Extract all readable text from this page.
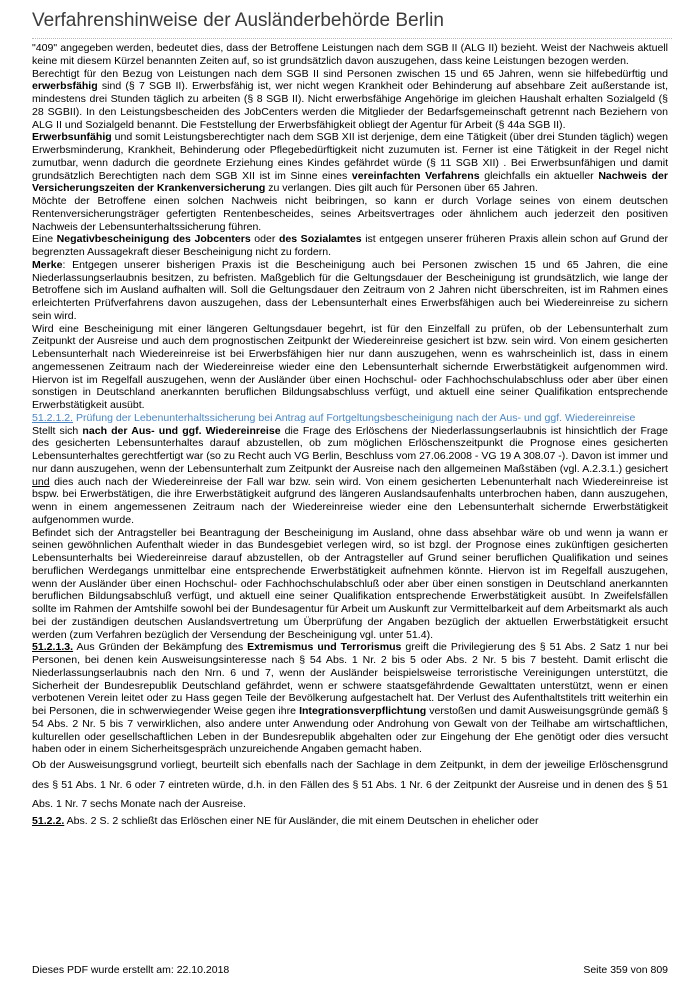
Verfahrenshinweise der Ausländerbehörde Berlin

"409" angegeben werden, bedeutet dies, dass der Betroffene Leistungen nach dem SGB II (ALG II) bezieht. Weist der Nachweis aktuell keine mit diesem Kürzel benannten Zeiten auf, so ist grundsätzlich davon auszugehen, dass keine Leistungen bezogen werden.

Berechtigt für den Bezug von Leistungen nach dem SGB II sind Personen zwischen 15 und 65 Jahren, wenn sie hilfebedürftig und erwerbsfähig sind (§ 7 SGB II). Erwerbsfähig ist, wer nicht wegen Krankheit oder Behinderung auf absehbare Zeit außerstande ist, mindestens drei Stunden täglich zu arbeiten (§ 8 SGB II). Nicht erwerbsfähige Angehörige im gleichen Haushalt erhalten Sozialgeld (§ 28 SGBII). In den Leistungsbescheiden des JobCenters werden die Mitglieder der Bedarfsgemeinschaft getrennt nach Beziehern von ALG II und Sozialgeld benannt. Die Feststellung der Erwerbsfähigkeit obliegt der Agentur für Arbeit (§ 44a SGB II).

Erwerbsunfähig und somit Leistungsberechtigter nach dem SGB XII ist derjenige, dem eine Tätigkeit (über drei Stunden täglich) wegen Erwerbsminderung, Krankheit, Behinderung oder Pflegebedürftigkeit nicht zuzumuten ist. Ferner ist eine Tätigkeit in der Regel nicht zumutbar, wenn dadurch die geordnete Erziehung eines Kindes gefährdet würde (§ 11 SGB XII) . Bei Erwerbsunfähigen und damit grundsätzlich Berechtigten nach dem SGB XII ist im Sinne eines vereinfachten Verfahrens gleichfalls ein aktueller Nachweis der Versicherungszeiten der Krankenversicherung zu verlangen. Dies gilt auch für Personen über 65 Jahren.

Möchte der Betroffene einen solchen Nachweis nicht beibringen, so kann er durch Vorlage seines von einem deutschen Rentenversicherungsträger gefertigten Rentenbescheides, seines Arbeitsvertrages oder ähnlichem auch jederzeit den positiven Nachweis der Lebensunterhaltssicherung führen.

Eine Negativbescheinigung des Jobcenters oder des Sozialamtes ist entgegen unserer früheren Praxis allein schon auf Grund der begrenzten Aussagekraft dieser Bescheinigung nicht zu fordern.

Merke: Entgegen unserer bisherigen Praxis ist die Bescheinigung auch bei Personen zwischen 15 und 65 Jahren, die eine Niederlassungserlaubnis besitzen, zu befristen. Maßgeblich für die Geltungsdauer der Bescheinigung ist grundsätzlich, wie lange der Betroffene sich im Ausland aufhalten will. Soll die Geltungsdauer den Zeitraum von 2 Jahren nicht überschreiten, ist im Rahmen eines erleichterten Prüfverfahrens davon auszugehen, dass der Lebensunterhalt eines Erwerbsfähigen auch bei Wiedereinreise zu sichern sein wird.

Wird eine Bescheinigung mit einer längeren Geltungsdauer begehrt, ist für den Einzelfall zu prüfen, ob der Lebensunterhalt zum Zeitpunkt der Ausreise und auch dem prognostischen Zeitpunkt der Wiedereinreise gesichert ist bzw. sein wird. Von einem gesicherten Lebensunterhalt nach Wiedereinreise ist bei Erwerbsfähigen hier nur dann auszugehen, wenn es wahrscheinlich ist, dass in einem angemessenen Zeitraum nach der Wiedereinreise wieder eine den Lebensunterhalt sichernde Erwerbstätigkeit aufgenommen wird. Hiervon ist im Regelfall auszugehen, wenn der Ausländer über einen Hochschul- oder Fachhochschulabschluss oder aber über einen sonstigen in Deutschland anerkannten beruflichen Bildungsabschluss verfügt, und aktuell eine seiner Qualifikation entsprechende Erwerbstätigkeit ausübt.

51.2.1.2. Prüfung der Lebenunterhaltssicherung bei Antrag auf Fortgeltungsbescheinigung nach der Aus- und ggf. Wiedereinreise

Stellt sich nach der Aus- und ggf. Wiedereinreise die Frage des Erlöschens der Niederlassungserlaubnis ist hinsichtlich der Frage des gesicherten Lebensunterhaltes darauf abzustellen, ob zum möglichen Erlöschenszeitpunkt die Prognose eines gesicherten Lebensunterhaltes gerechtfertigt war (so zu Recht auch VG Berlin, Beschluss vom 27.06.2008 - VG 19 A 308.07 -). Davon ist immer und nur dann auszugehen, wenn der Lebensunterhalt zum Zeitpunkt der Ausreise nach den allgemeinen Maßstäben (vgl. A.2.3.1.) gesichert und dies auch nach der Wiedereinreise der Fall war bzw. sein wird. Von einem gesicherten Lebenunterhalt nach Wiedereinreise ist bspw. bei Erwerbstätigen, die ihre Erwerbstätigkeit aufgrund des längeren Auslandsaufenhalts unterbrochen haben, dann auszugehen, wenn in einem angemessenen Zeitraum nach der Wiedereinreise wieder eine den Lebensunterhalt sichernde Erwerbstätigkeit aufgenommen wurde.

Befindet sich der Antragsteller bei Beantragung der Bescheinigung im Ausland, ohne dass absehbar wäre ob und wenn ja wann er seinen gewöhnlichen Aufenthalt wieder in das Bundesgebiet verlegen wird, so ist bzgl. der Prognose eines zukünftigen gesicherten Lebensunterhalts bei Wiedereinreise darauf abzustellen, ob der Antragsteller auf Grund seiner beruflichen Qualifikation und seines beruflichen Werdegangs unmittelbar eine entsprechende Erwerbstätigkeit aufnehmen könnte. Hiervon ist im Regelfall auszugehen, wenn der Ausländer über einen Hochschul- oder Fachhochschulabschluß oder aber über einen sonstigen in Deutschland anerkannten beruflichen Bildungsabschluß verfügt, und aktuell eine seiner Qualifikation entsprechende Erwerbstätigkeit ausübt. In Zweifelsfällen sollte im Rahmen der Amtshilfe sowohl bei der Bundesagentur für Arbeit um Auskunft zur Vermittelbarkeit auf dem Arbeitsmarkt als auch bei der zuständigen deutschen Auslandsvertretung um Überprüfung der Angaben bezüglich der aktuellen Erwerbstätigkeit ersucht werden (zum Verfahren bezüglich der Versendung der Bescheinigung vgl. unter 51.4).

51.2.1.3. Aus Gründen der Bekämpfung des Extremismus und Terrorismus greift die Privilegierung des § 51 Abs. 2 Satz 1 nur bei Personen, bei denen kein Ausweisungsinteresse nach § 54 Abs. 1 Nr. 2 bis 5 oder Abs. 2 Nr. 5 bis 7 besteht. Damit erlischt die Niederlassungserlaubnis nach den Nrn. 6 und 7, wenn der Ausländer beispielsweise terroristische Vereinigungen unterstützt, die Sicherheit der Bundesrepublik Deutschland gefährdet, wenn er schwere staatsgefährdende Gewalttaten unterstützt, wenn er einen verbotenen Verein leitet oder zu Hass gegen Teile der Bevölkerung aufgestachelt hat. Der Verlust des Aufenthaltstitels tritt weiterhin ein bei Personen, die in schwerwiegender Weise gegen ihre Integrationsverpflichtung verstoßen und damit Ausweisungsgründe gemäß § 54 Abs. 2 Nr. 5 bis 7 verwirklichen, also andere unter Anwendung oder Androhung von Gewalt von der Teilhabe am wirtschaftlichen, kulturellen oder gesellschaftlichen Leben in der Bundesrepublik abgehalten oder zur Eingehung der Ehe genötigt oder dies versucht haben oder in einem Sicherheitsgespräch unzureichende Angaben gemacht haben.

Ob der Ausweisungsgrund vorliegt, beurteilt sich ebenfalls nach der Sachlage in dem Zeitpunkt, in dem der jeweilige Erlöschensgrund des § 51 Abs. 1 Nr. 6 oder 7 eintreten würde, d.h. in den Fällen des § 51 Abs. 1 Nr. 6 der Zeitpunkt der Ausreise und in denen des § 51 Abs. 1 Nr. 7 sechs Monate nach der Ausreise.

51.2.2. Abs. 2 S. 2 schließt das Erlöschen einer NE für Ausländer, die mit einem Deutschen in ehelicher oder

Dieses PDF wurde erstellt am: 22.10.2018	Seite 359 von 809
